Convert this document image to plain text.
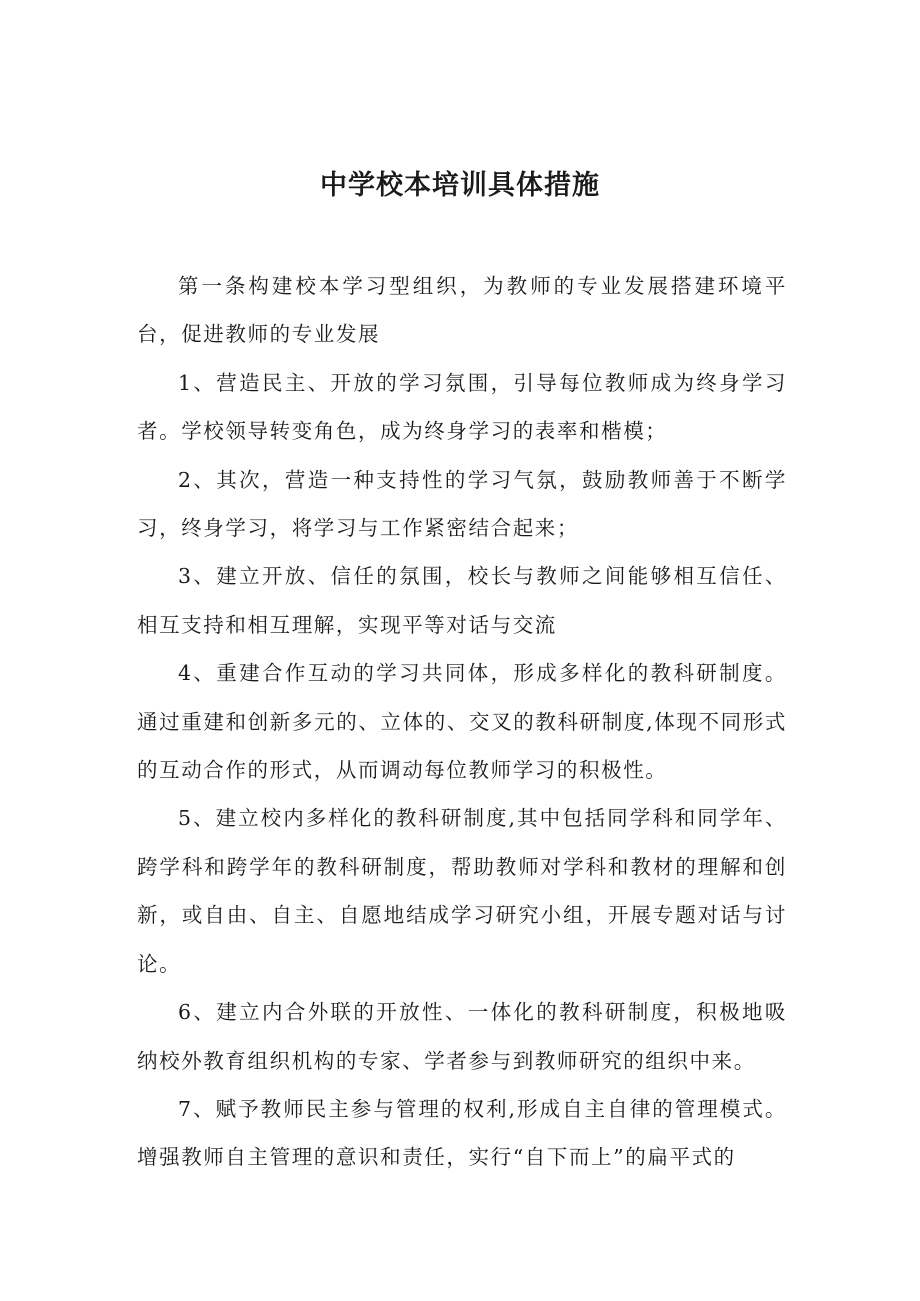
中学校本培训具体措施

第一条构建校本学习型组织，为教师的专业发展搭建环境平台，促进教师的专业发展

1、营造民主、开放的学习氛围，引导每位教师成为终身学习者。学校领导转变角色，成为终身学习的表率和楷模；

2、其次，营造一种支持性的学习气氛，鼓励教师善于不断学习，终身学习，将学习与工作紧密结合起来；

3、建立开放、信任的氛围，校长与教师之间能够相互信任、相互支持和相互理解，实现平等对话与交流

4、重建合作互动的学习共同体，形成多样化的教科研制度。通过重建和创新多元的、立体的、交叉的教科研制度,体现不同形式的互动合作的形式，从而调动每位教师学习的积极性。

5、建立校内多样化的教科研制度,其中包括同学科和同学年、跨学科和跨学年的教科研制度，帮助教师对学科和教材的理解和创新，或自由、自主、自愿地结成学习研究小组，开展专题对话与讨论。

6、建立内合外联的开放性、一体化的教科研制度，积极地吸纳校外教育组织机构的专家、学者参与到教师研究的组织中来。

7、赋予教师民主参与管理的权利,形成自主自律的管理模式。增强教师自主管理的意识和责任，实行“自下而上”的扁平式的
